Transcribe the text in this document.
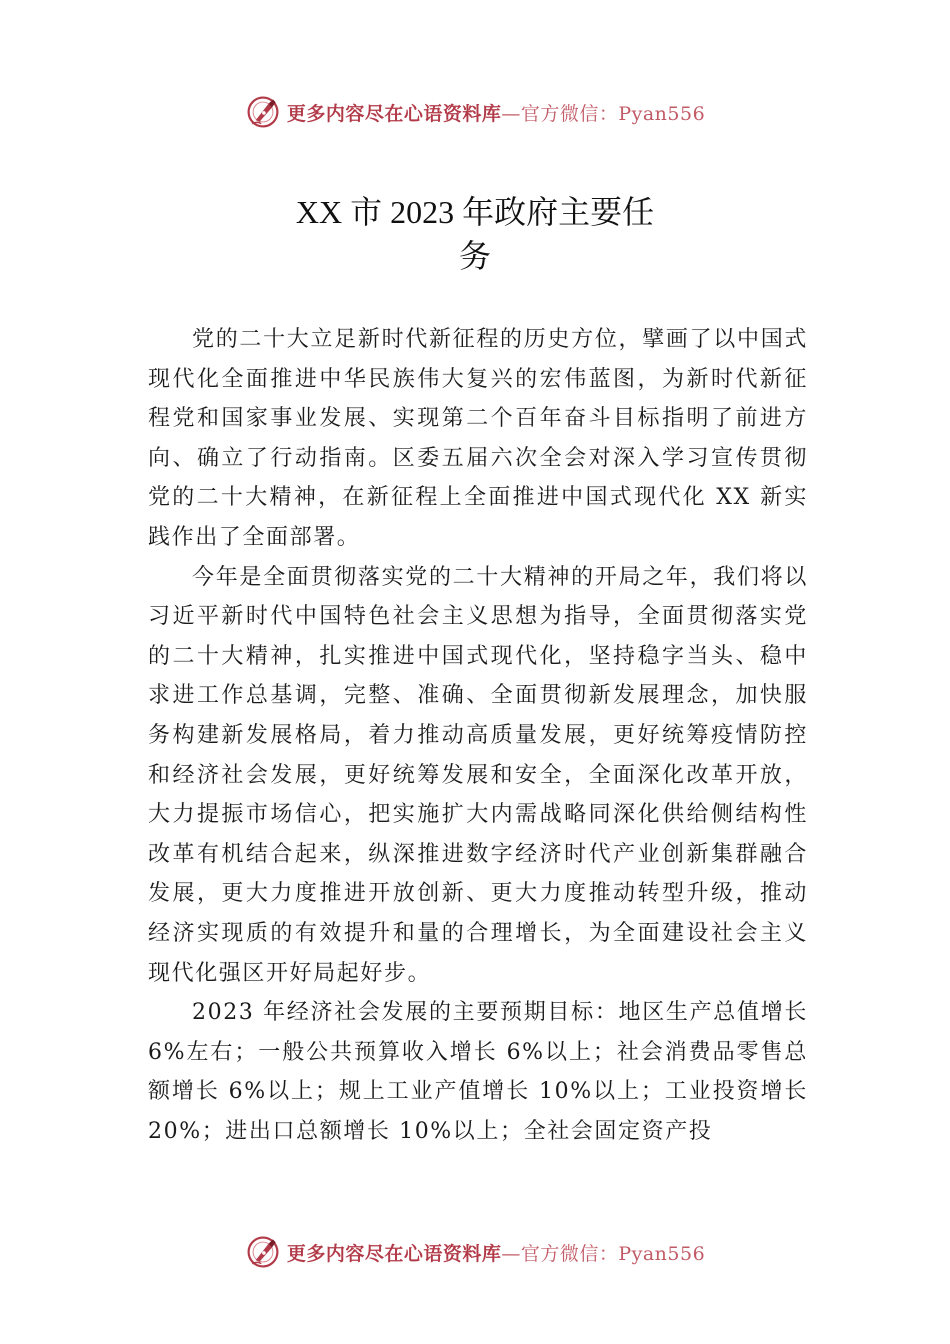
更多内容尽在心语资料库—官方微信：Pyan556
XX 市 2023 年政府主要任
务

党的二十大立足新时代新征程的历史方位，擘画了以中国式现代化全面推进中华民族伟大复兴的宏伟蓝图，为新时代新征程党和国家事业发展、实现第二个百年奋斗目标指明了前进方向、确立了行动指南。区委五届六次全会对深入学习宣传贯彻党的二十大精神，在新征程上全面推进中国式现代化 XX 新实践作出了全面部署。

今年是全面贯彻落实党的二十大精神的开局之年，我们将以习近平新时代中国特色社会主义思想为指导，全面贯彻落实党的二十大精神，扎实推进中国式现代化，坚持稳字当头、稳中求进工作总基调，完整、准确、全面贯彻新发展理念，加快服务构建新发展格局，着力推动高质量发展，更好统筹疫情防控和经济社会发展，更好统筹发展和安全，全面深化改革开放，大力提振市场信心，把实施扩大内需战略同深化供给侧结构性改革有机结合起来，纵深推进数字经济时代产业创新集群融合发展，更大力度推进开放创新、更大力度推动转型升级，推动经济实现质的有效提升和量的合理增长，为全面建设社会主义现代化强区开好局起好步。

2023 年经济社会发展的主要预期目标：地区生产总值增长 6%左右；一般公共预算收入增长 6%以上；社会消费品零售总额增长 6%以上；规上工业产值增长 10%以上；工业投资增长 20%；进出口总额增长 10%以上；全社会固定资产投

更多内容尽在心语资料库—官方微信：Pyan556
